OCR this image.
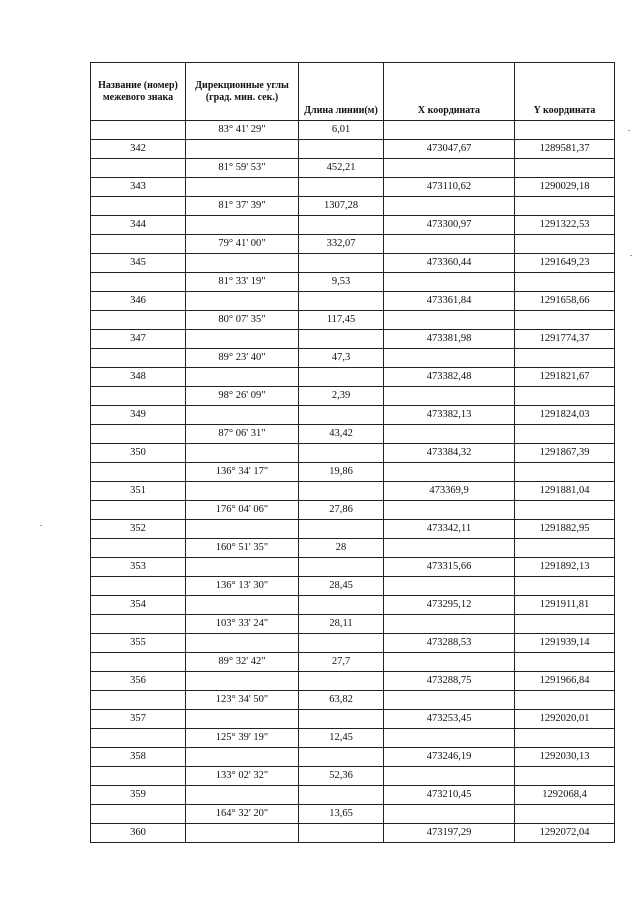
Название (номер) межевого знака	Дирекционные углы (град. мин. сек.)	Длина линии(м)	X координата	Y координата
	83° 41' 29"	6,01		
342			473047,67	1289581,37
	81° 59' 53"	452,21		
343			473110,62	1290029,18
	81° 37' 39"	1307,28		
344			473300,97	1291322,53
	79° 41' 00"	332,07		
345			473360,44	1291649,23
	81° 33' 19"	9,53		
346			473361,84	1291658,66
	80° 07' 35"	117,45		
347			473381,98	1291774,37
	89° 23' 40"	47,3		
348			473382,48	1291821,67
	98° 26' 09"	2,39		
349			473382,13	1291824,03
	87° 06' 31"	43,42		
350			473384,32	1291867,39
	136° 34' 17"	19,86		
351			473369,9	1291881,04
	176° 04' 06"	27,86		
352			473342,11	1291882,95
	160° 51' 35"	28		
353			473315,66	1291892,13
	136° 13' 30"	28,45		
354			473295,12	1291911,81
	103° 33' 24"	28,11		
355			473288,53	1291939,14
	89° 32' 42"	27,7		
356			473288,75	1291966,84
	123° 34' 50"	63,82		
357			473253,45	1292020,01
	125° 39' 19"	12,45		
358			473246,19	1292030,13
	133° 02' 32"	52,36		
359			473210,45	1292068,4
	164° 32' 20"	13,65		
360			473197,29	1292072,04
